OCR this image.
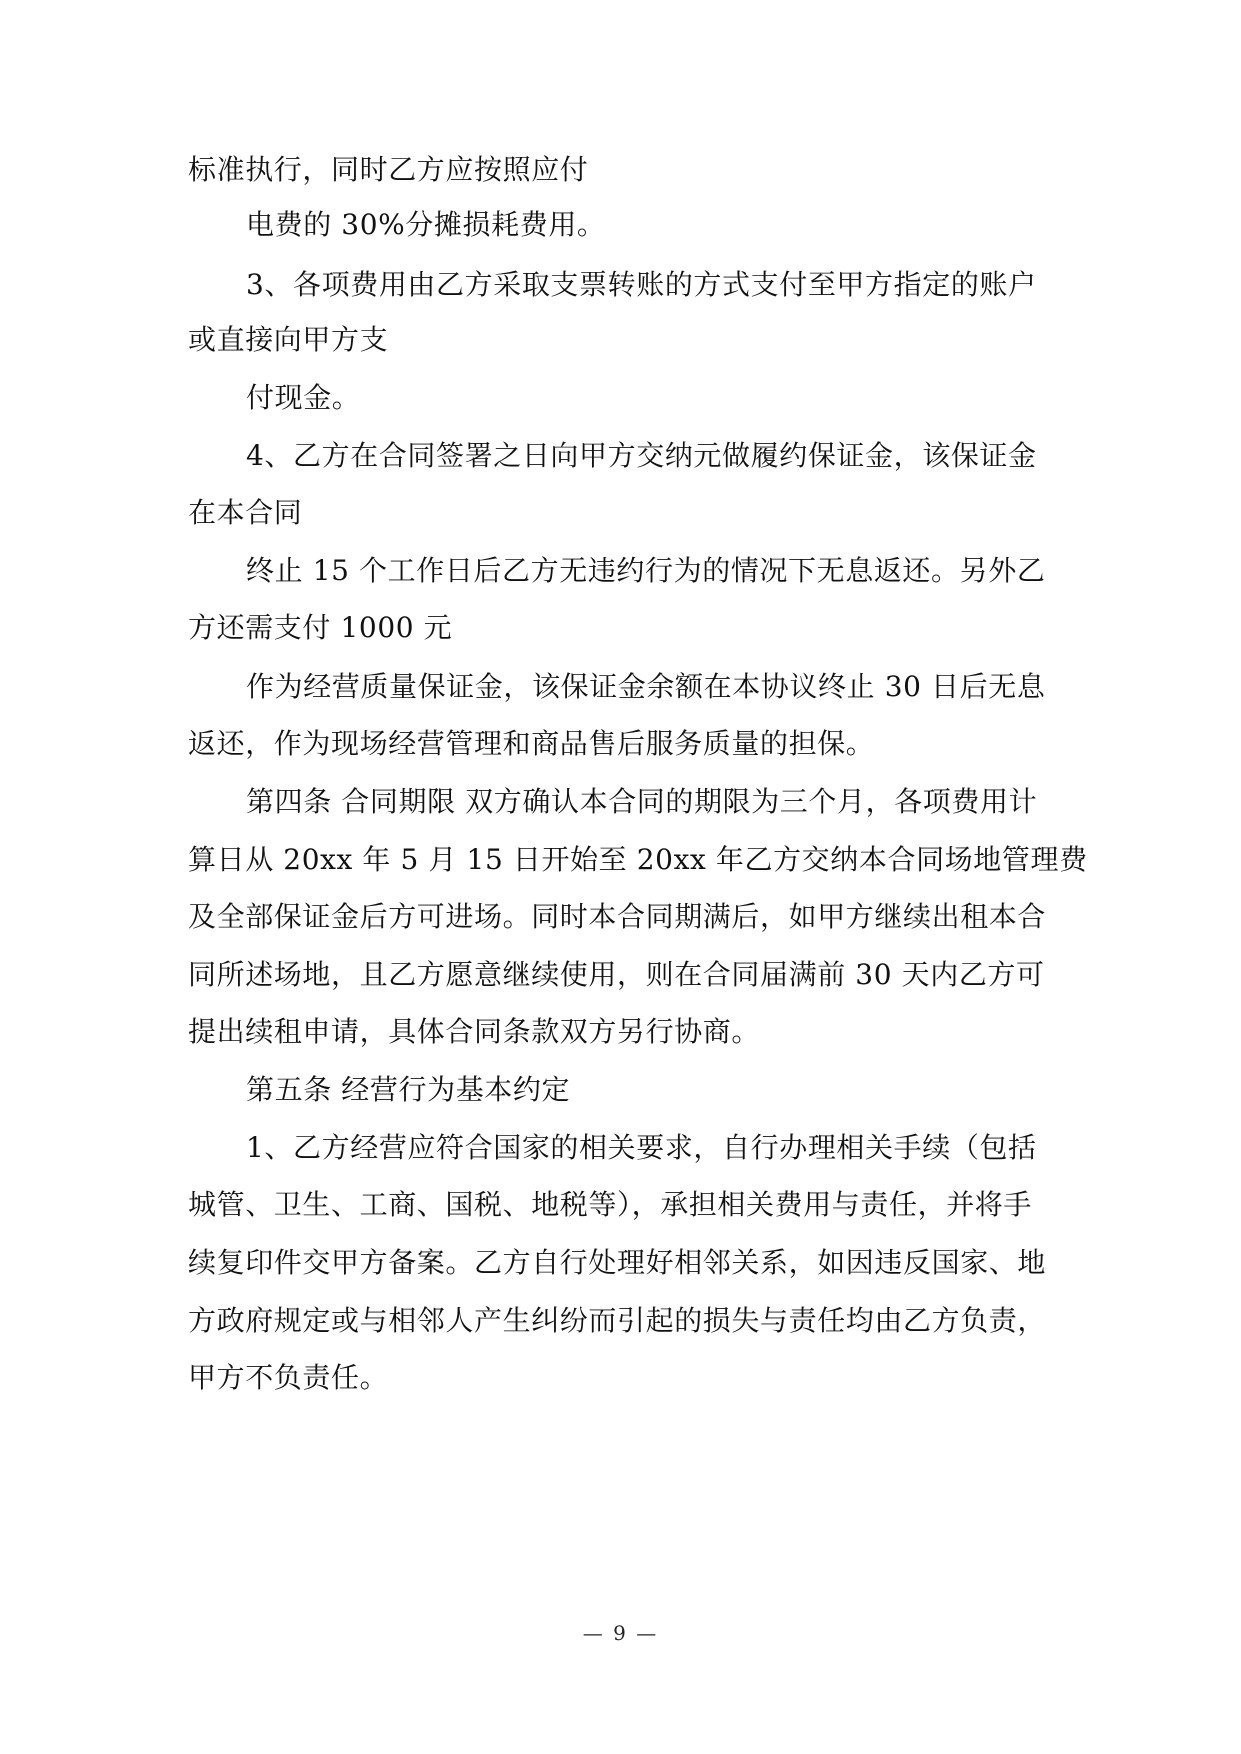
标准执行，同时乙方应按照应付
电费的 30%分摊损耗费用。
3、各项费用由乙方采取支票转账的方式支付至甲方指定的账户
或直接向甲方支
付现金。
4、乙方在合同签署之日向甲方交纳元做履约保证金，该保证金
在本合同
终止 15 个工作日后乙方无违约行为的情况下无息返还。另外乙
方还需支付 1000 元
作为经营质量保证金，该保证金余额在本协议终止 30 日后无息
返还，作为现场经营管理和商品售后服务质量的担保。
第四条 合同期限 双方确认本合同的期限为三个月，各项费用计
算日从 20xx 年 5 月 15 日开始至 20xx 年乙方交纳本合同场地管理费
及全部保证金后方可进场。同时本合同期满后，如甲方继续出租本合
同所述场地，且乙方愿意继续使用，则在合同届满前 30 天内乙方可
提出续租申请，具体合同条款双方另行协商。
第五条 经营行为基本约定
1、乙方经营应符合国家的相关要求，自行办理相关手续（包括
城管、卫生、工商、国税、地税等），承担相关费用与责任，并将手
续复印件交甲方备案。乙方自行处理好相邻关系，如因违反国家、地
方政府规定或与相邻人产生纠纷而引起的损失与责任均由乙方负责，
甲方不负责任。
— 9 —
